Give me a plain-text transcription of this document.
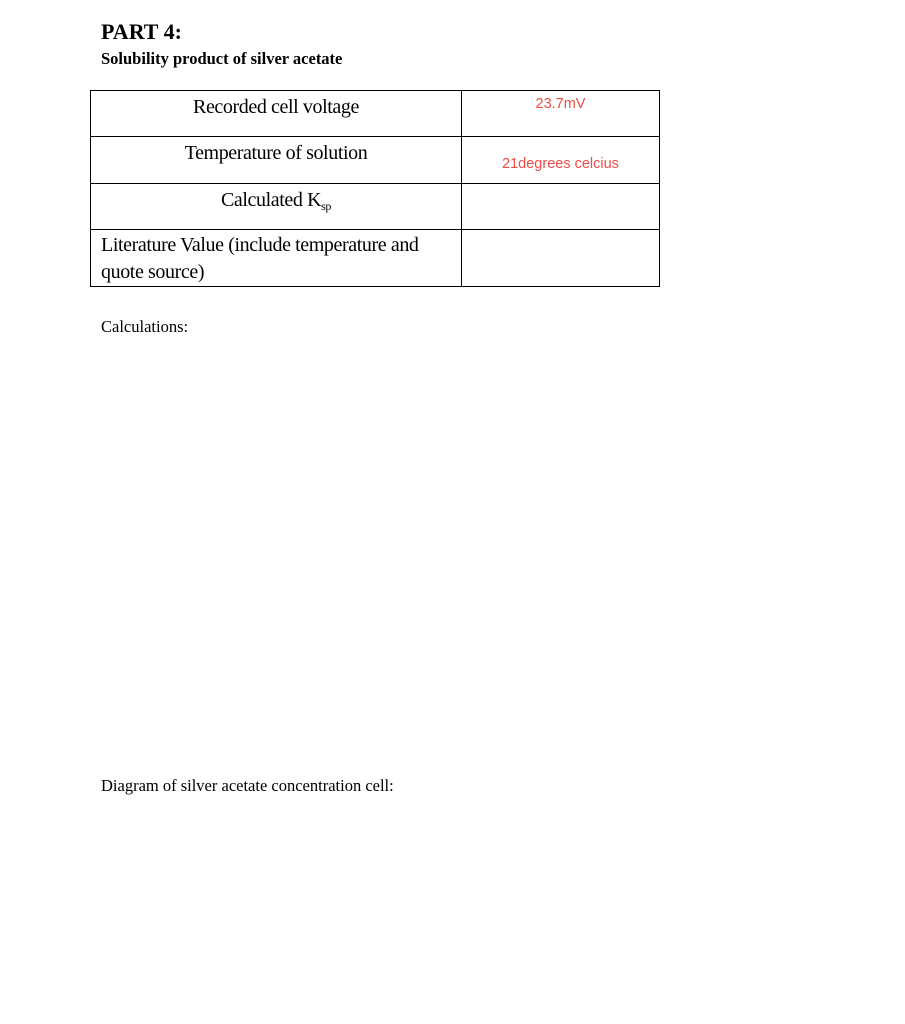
PART 4:
Solubility product of silver acetate
Recorded cell voltage	23.7mV

Temperature of solution	21degrees celcius

Calculated $K_{sp}$

Literature Value (include temperature and quote source)	

Calculations:
Diagram of silver acetate concentration cell:
